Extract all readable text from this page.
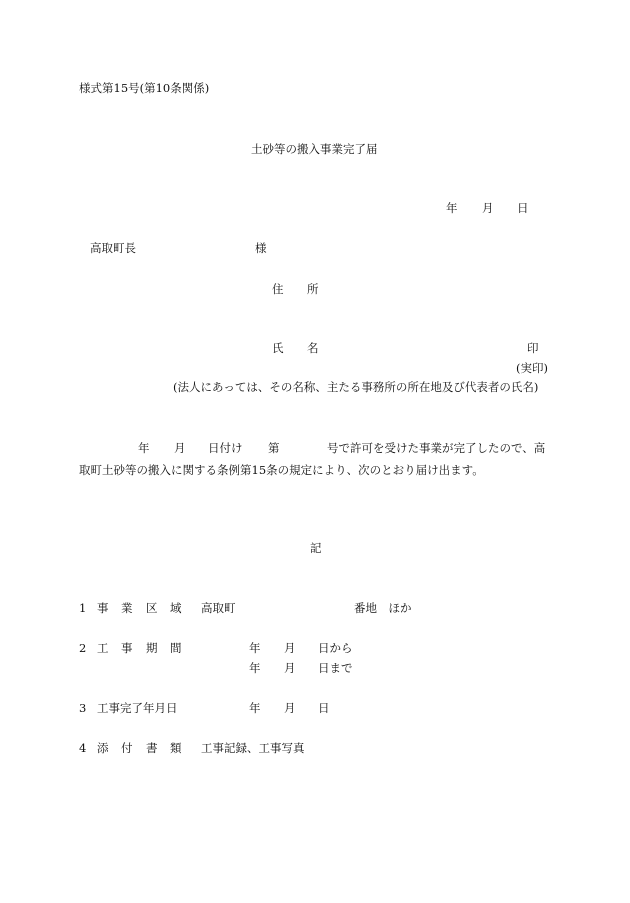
様式第15号(第10条関係)
土砂等の搬入事業完了届
年 月 日
高取町長	様
住 所
氏 名	印
(実印)
(法人にあっては、その名称、主たる事務所の所在地及び代表者の氏名)
年 月 日付け 第	号で許可を受けた事業が完了したので、高
取町土砂等の搬入に関する条例第15条の規定により、次のとおり届け出ます。
記
1 事 業 区 域 高取町	番地　ほか
2 工 事 期 間	年 月 日から
年 月 日まで
3 工事完了年月日	年 月 日
4 添 付 書 類 工事記録、工事写真
